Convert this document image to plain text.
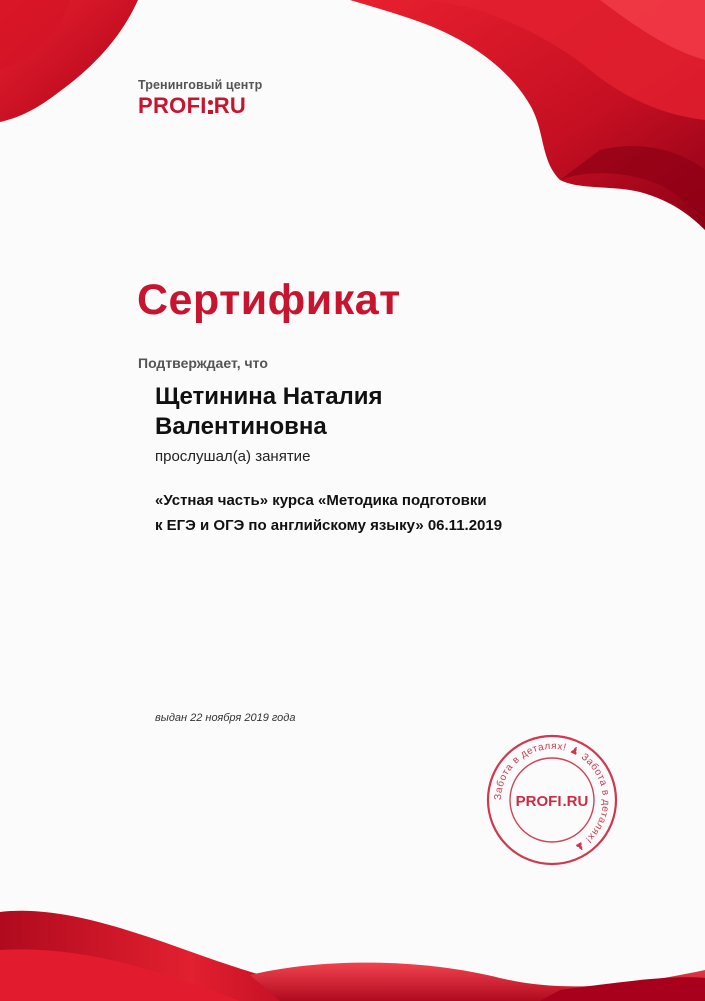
Тренинговый центр
PROFI RU
Сертификат
Подтверждает, что
Щетинина Наталия
Валентиновна
прослушал(а) занятие
«Устная часть» курса «Методика подготовки
к ЕГЭ и ОГЭ по английскому языку» 06.11.2019
выдан 22 ноября 2019 года
Забота в деталях! ♟ Забота в деталях! ♟
PROFI.RU
